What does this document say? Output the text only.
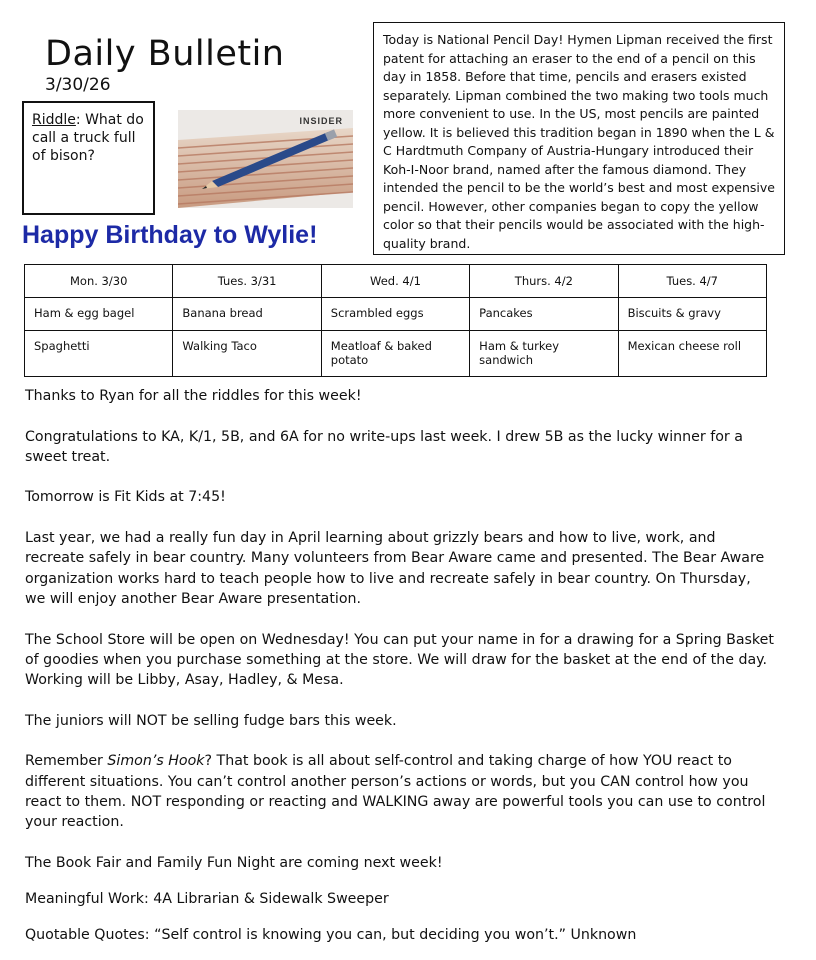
Daily Bulletin
3/30/26
Riddle: What do call a truck full of bison?
INSIDER
Happy Birthday to Wylie!
Today is National Pencil Day! Hymen Lipman received the first patent for attaching an eraser to the end of a pencil on this day in 1858. Before that time, pencils and erasers existed separately. Lipman combined the two making two tools much more convenient to use. In the US, most pencils are painted yellow. It is believed this tradition began in 1890 when the L & C Hardtmuth Company of Austria-Hungary introduced their Koh-I-Noor brand, named after the famous diamond. They intended the pencil to be the world’s best and most expensive pencil. However, other companies began to copy the yellow color so that their pencils would be associated with the high-quality brand.
Mon. 3/30	Tues. 3/31	Wed. 4/1	Thurs. 4/2	Tues. 4/7
Ham & egg bagel	Banana bread	Scrambled eggs	Pancakes	Biscuits & gravy
Spaghetti	Walking Taco	Meatloaf & baked potato	Ham & turkey sandwich	Mexican cheese roll

Thanks to Ryan for all the riddles for this week!

Congratulations to KA, K/1, 5B, and 6A for no write-ups last week. I drew 5B as the lucky winner for a sweet treat.

Tomorrow is Fit Kids at 7:45!

Last year, we had a really fun day in April learning about grizzly bears and how to live, work, and recreate safely in bear country. Many volunteers from Bear Aware came and presented. The Bear Aware organization works hard to teach people how to live and recreate safely in bear country. On Thursday, we will enjoy another Bear Aware presentation.

The School Store will be open on Wednesday! You can put your name in for a drawing for a Spring Basket of goodies when you purchase something at the store. We will draw for the basket at the end of the day. Working will be Libby, Asay, Hadley, & Mesa.

The juniors will NOT be selling fudge bars this week.

Remember Simon’s Hook? That book is all about self-control and taking charge of how YOU react to different situations. You can’t control another person’s actions or words, but you CAN control how you react to them. NOT responding or reacting and WALKING away are powerful tools you can use to control your reaction.

The Book Fair and Family Fun Night are coming next week!

Meaningful Work: 4A Librarian & Sidewalk Sweeper

Quotable Quotes: “Self control is knowing you can, but deciding you won’t.” Unknown
